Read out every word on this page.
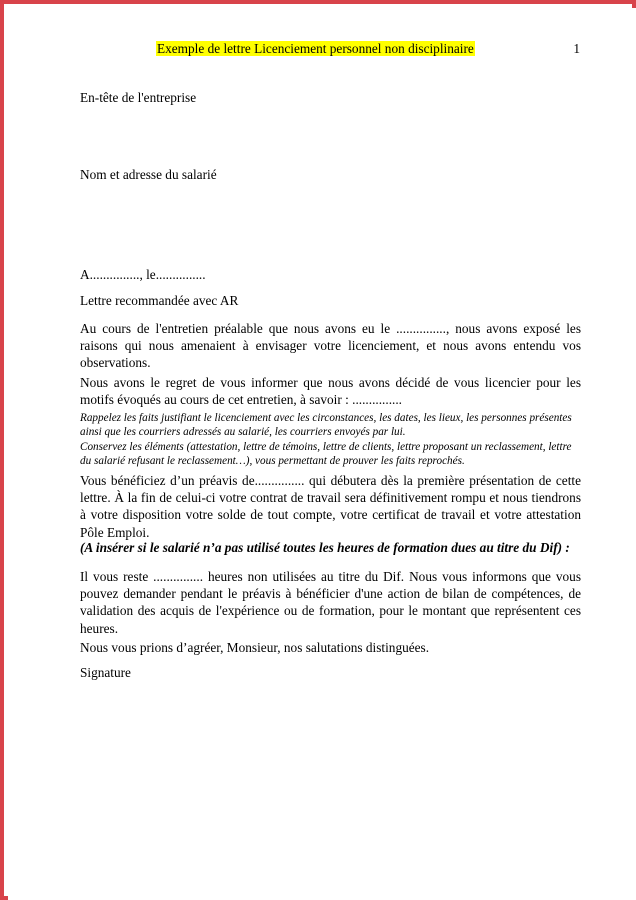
Exemple de lettre Licenciement personnel non disciplinaire	1
En-tête de l'entreprise
Nom et adresse du salarié
A..............., le...............
Lettre recommandée avec AR
Au cours de l'entretien préalable que nous avons eu le ..............., nous avons exposé les raisons qui nous amenaient à envisager votre licenciement, et nous avons entendu vos observations.
Nous avons le regret de vous informer que nous avons décidé de vous licencier pour les motifs évoqués au cours de cet entretien, à savoir : ...............
Rappelez les faits justifiant le licenciement avec les circonstances, les dates, les lieux, les personnes présentes ainsi que les courriers adressés au salarié, les courriers envoyés par lui.
Conservez les éléments (attestation, lettre de témoins, lettre de clients, lettre proposant un reclassement, lettre du salarié refusant le reclassement…), vous permettant de prouver les faits reprochés.
Vous bénéficiez d’un préavis de............... qui débutera dès la première présentation de cette lettre. À la fin de celui-ci votre contrat de travail sera définitivement rompu et nous tiendrons à votre disposition votre solde de tout compte, votre certificat de travail et votre attestation Pôle Emploi.
(A insérer si le salarié n’a pas utilisé toutes les heures de formation dues au titre du Dif) :
Il vous reste ............... heures non utilisées au titre du Dif. Nous vous informons que vous pouvez demander pendant le préavis à bénéficier d'une action de bilan de compétences, de validation des acquis de l'expérience ou de formation, pour le montant que représentent ces heures.
Nous vous prions d’agréer, Monsieur, nos salutations distinguées.
Signature
